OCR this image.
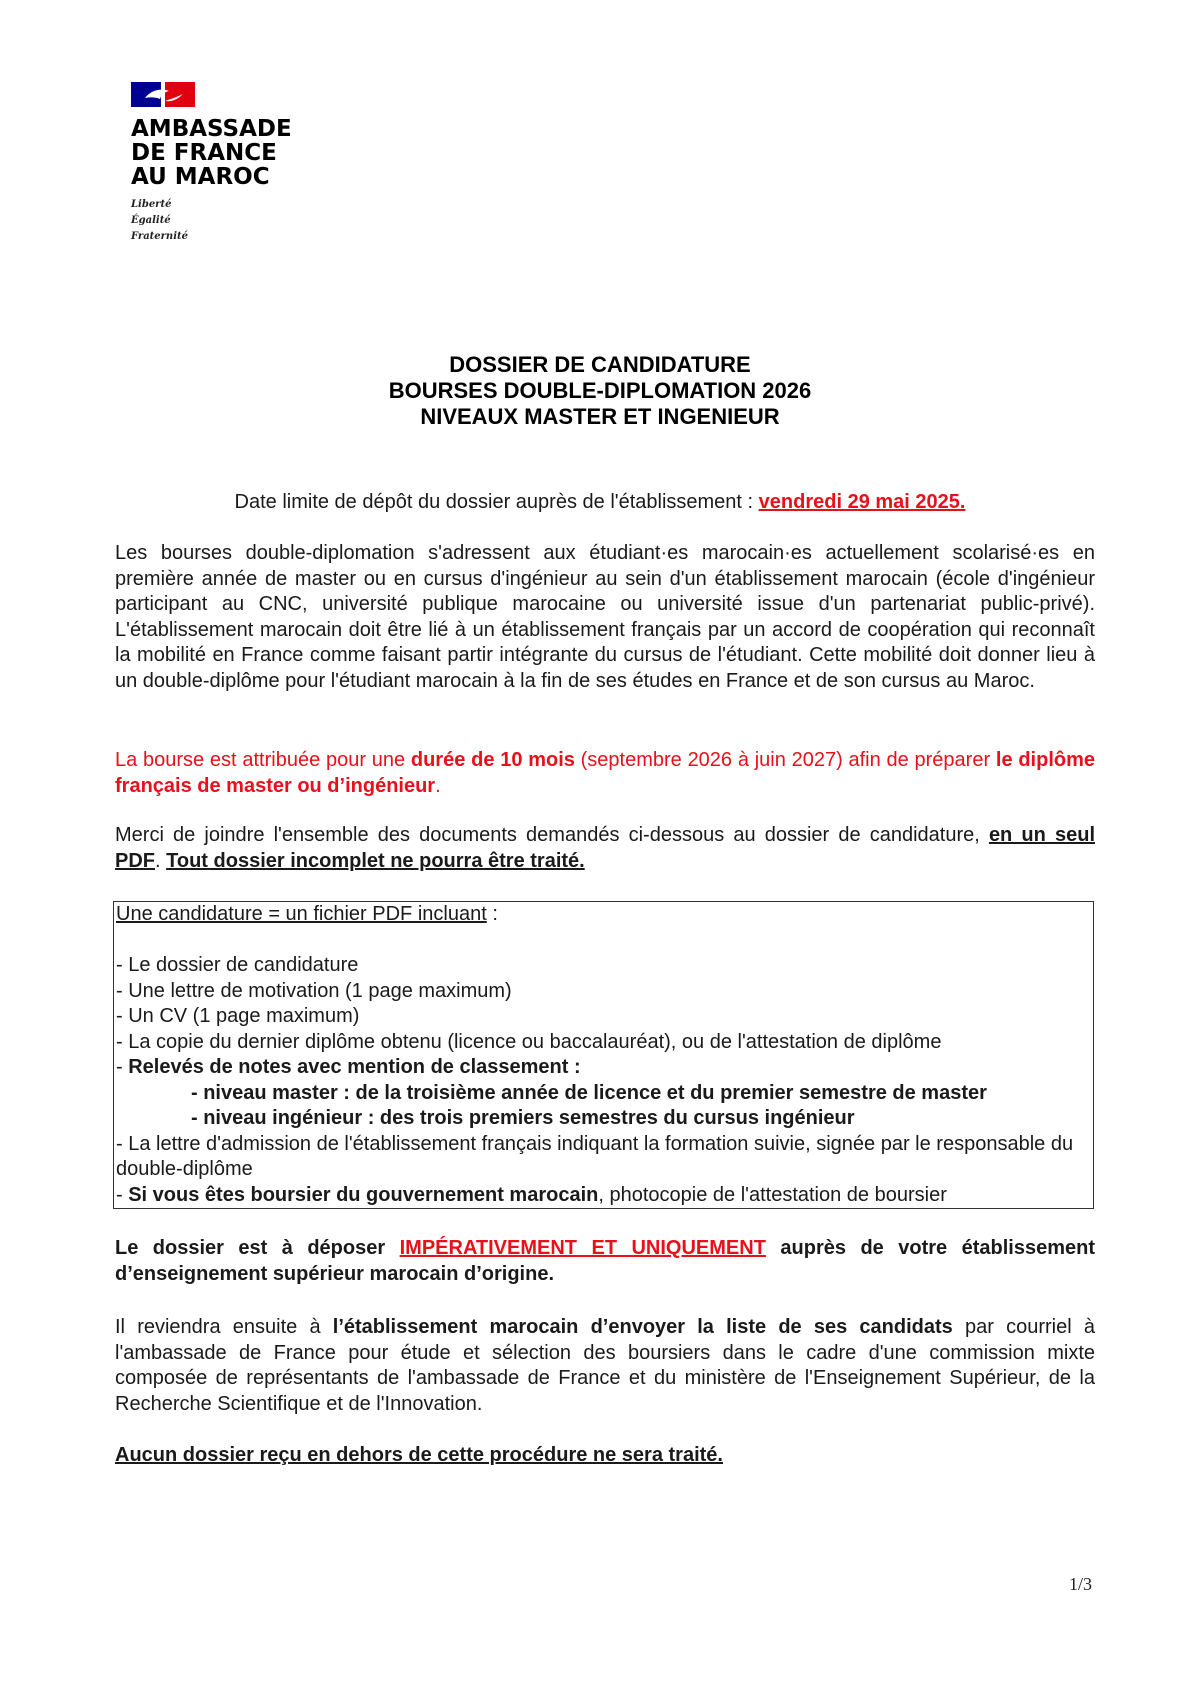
AMBASSADE
DE FRANCE
AU MAROC
Liberté
Égalité
Fraternité
DOSSIER DE CANDIDATURE
BOURSES DOUBLE-DIPLOMATION 2026
NIVEAUX MASTER ET INGENIEUR
Date limite de dépôt du dossier auprès de l'établissement : vendredi 29 mai 2025.
Les bourses double-diplomation s'adressent aux étudiant·es marocain·es actuellement scolarisé·es en première année de master ou en cursus d'ingénieur au sein d'un établissement marocain (école d'ingénieur participant au CNC, université publique marocaine ou université issue d'un partenariat public-privé). L'établissement marocain doit être lié à un établissement français par un accord de coopération qui reconnaît la mobilité en France comme faisant partir intégrante du cursus de l'étudiant. Cette mobilité doit donner lieu à un double-diplôme pour l'étudiant marocain à la fin de ses études en France et de son cursus au Maroc.
La bourse est attribuée pour une durée de 10 mois (septembre 2026 à juin 2027) afin de préparer le diplôme français de master ou d’ingénieur.
Merci de joindre l'ensemble des documents demandés ci-dessous au dossier de candidature, en un seul PDF. Tout dossier incomplet ne pourra être traité.
Une candidature = un fichier PDF incluant :
- Le dossier de candidature
- Une lettre de motivation (1 page maximum)
- Un CV (1 page maximum)
- La copie du dernier diplôme obtenu (licence ou baccalauréat), ou de l'attestation de diplôme
- Relevés de notes avec mention de classement :
- niveau master : de la troisième année de licence et du premier semestre de master
- niveau ingénieur : des trois premiers semestres du cursus ingénieur
- La lettre d'admission de l'établissement français indiquant la formation suivie, signée par le responsable du double-diplôme
- Si vous êtes boursier du gouvernement marocain, photocopie de l'attestation de boursier
Le dossier est à déposer IMPÉRATIVEMENT ET UNIQUEMENT auprès de votre établissement d’enseignement supérieur marocain d’origine.
Il reviendra ensuite à l’établissement marocain d’envoyer la liste de ses candidats par courriel à l'ambassade de France pour étude et sélection des boursiers dans le cadre d'une commission mixte composée de représentants de l'ambassade de France et du ministère de l'Enseignement Supérieur, de la Recherche Scientifique et de l'Innovation.
Aucun dossier reçu en dehors de cette procédure ne sera traité.
1/3
